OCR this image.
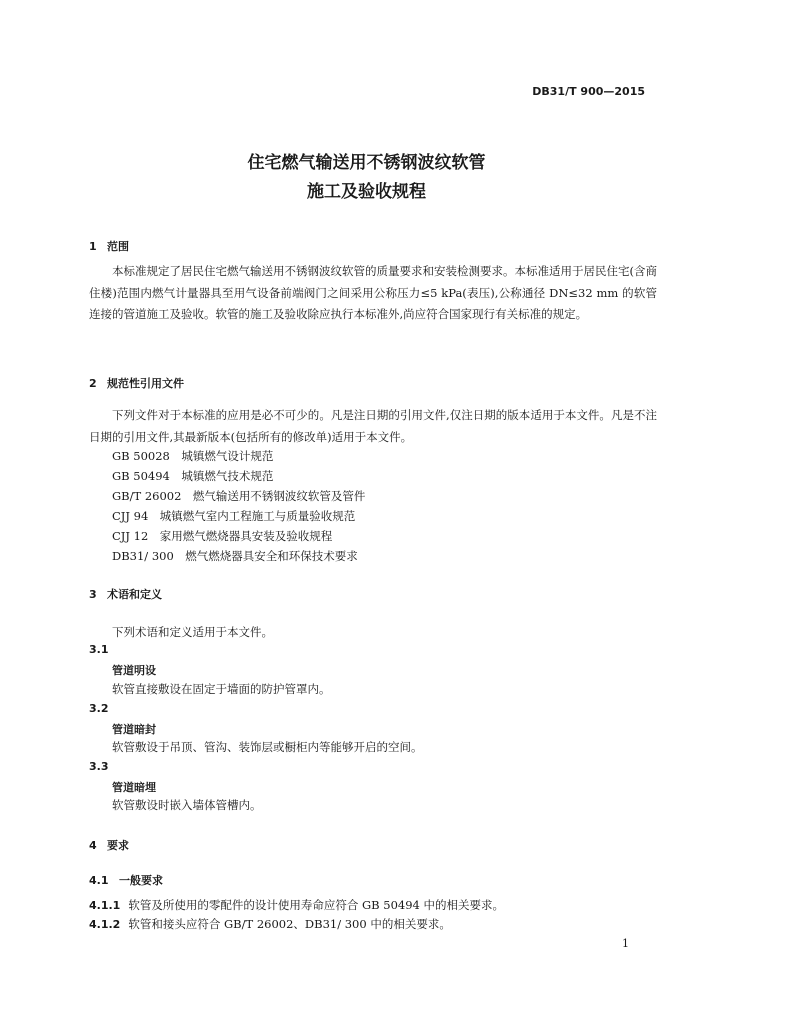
DB31/T 900—2015
住宅燃气输送用不锈钢波纹软管
施工及验收规程
1 范围
本标准规定了居民住宅燃气输送用不锈钢波纹软管的质量要求和安装检测要求。本标准适用于居民住宅(含商住楼)范围内燃气计量器具至用气设备前端阀门之间采用公称压力≤5 kPa(表压),公称通径 DN≤32 mm 的软管连接的管道施工及验收。软管的施工及验收除应执行本标准外,尚应符合国家现行有关标准的规定。
2 规范性引用文件
下列文件对于本标准的应用是必不可少的。凡是注日期的引用文件,仅注日期的版本适用于本文件。凡是不注日期的引用文件,其最新版本(包括所有的修改单)适用于本文件。
GB 50028　城镇燃气设计规范
GB 50494　城镇燃气技术规范
GB/T 26002　燃气输送用不锈钢波纹软管及管件
CJJ 94　城镇燃气室内工程施工与质量验收规范
CJJ 12　家用燃气燃烧器具安装及验收规程
DB31/ 300　燃气燃烧器具安全和环保技术要求
3 术语和定义
下列术语和定义适用于本文件。
3.1
管道明设
软管直接敷设在固定于墙面的防护管罩内。
3.2
管道暗封
软管敷设于吊顶、管沟、装饰层或橱柜内等能够开启的空间。
3.3
管道暗埋
软管敷设时嵌入墙体管槽内。
4 要求
4.1 一般要求
4.1.1 软管及所使用的零配件的设计使用寿命应符合 GB 50494 中的相关要求。
4.1.2 软管和接头应符合 GB/T 26002、DB31/ 300 中的相关要求。
1
